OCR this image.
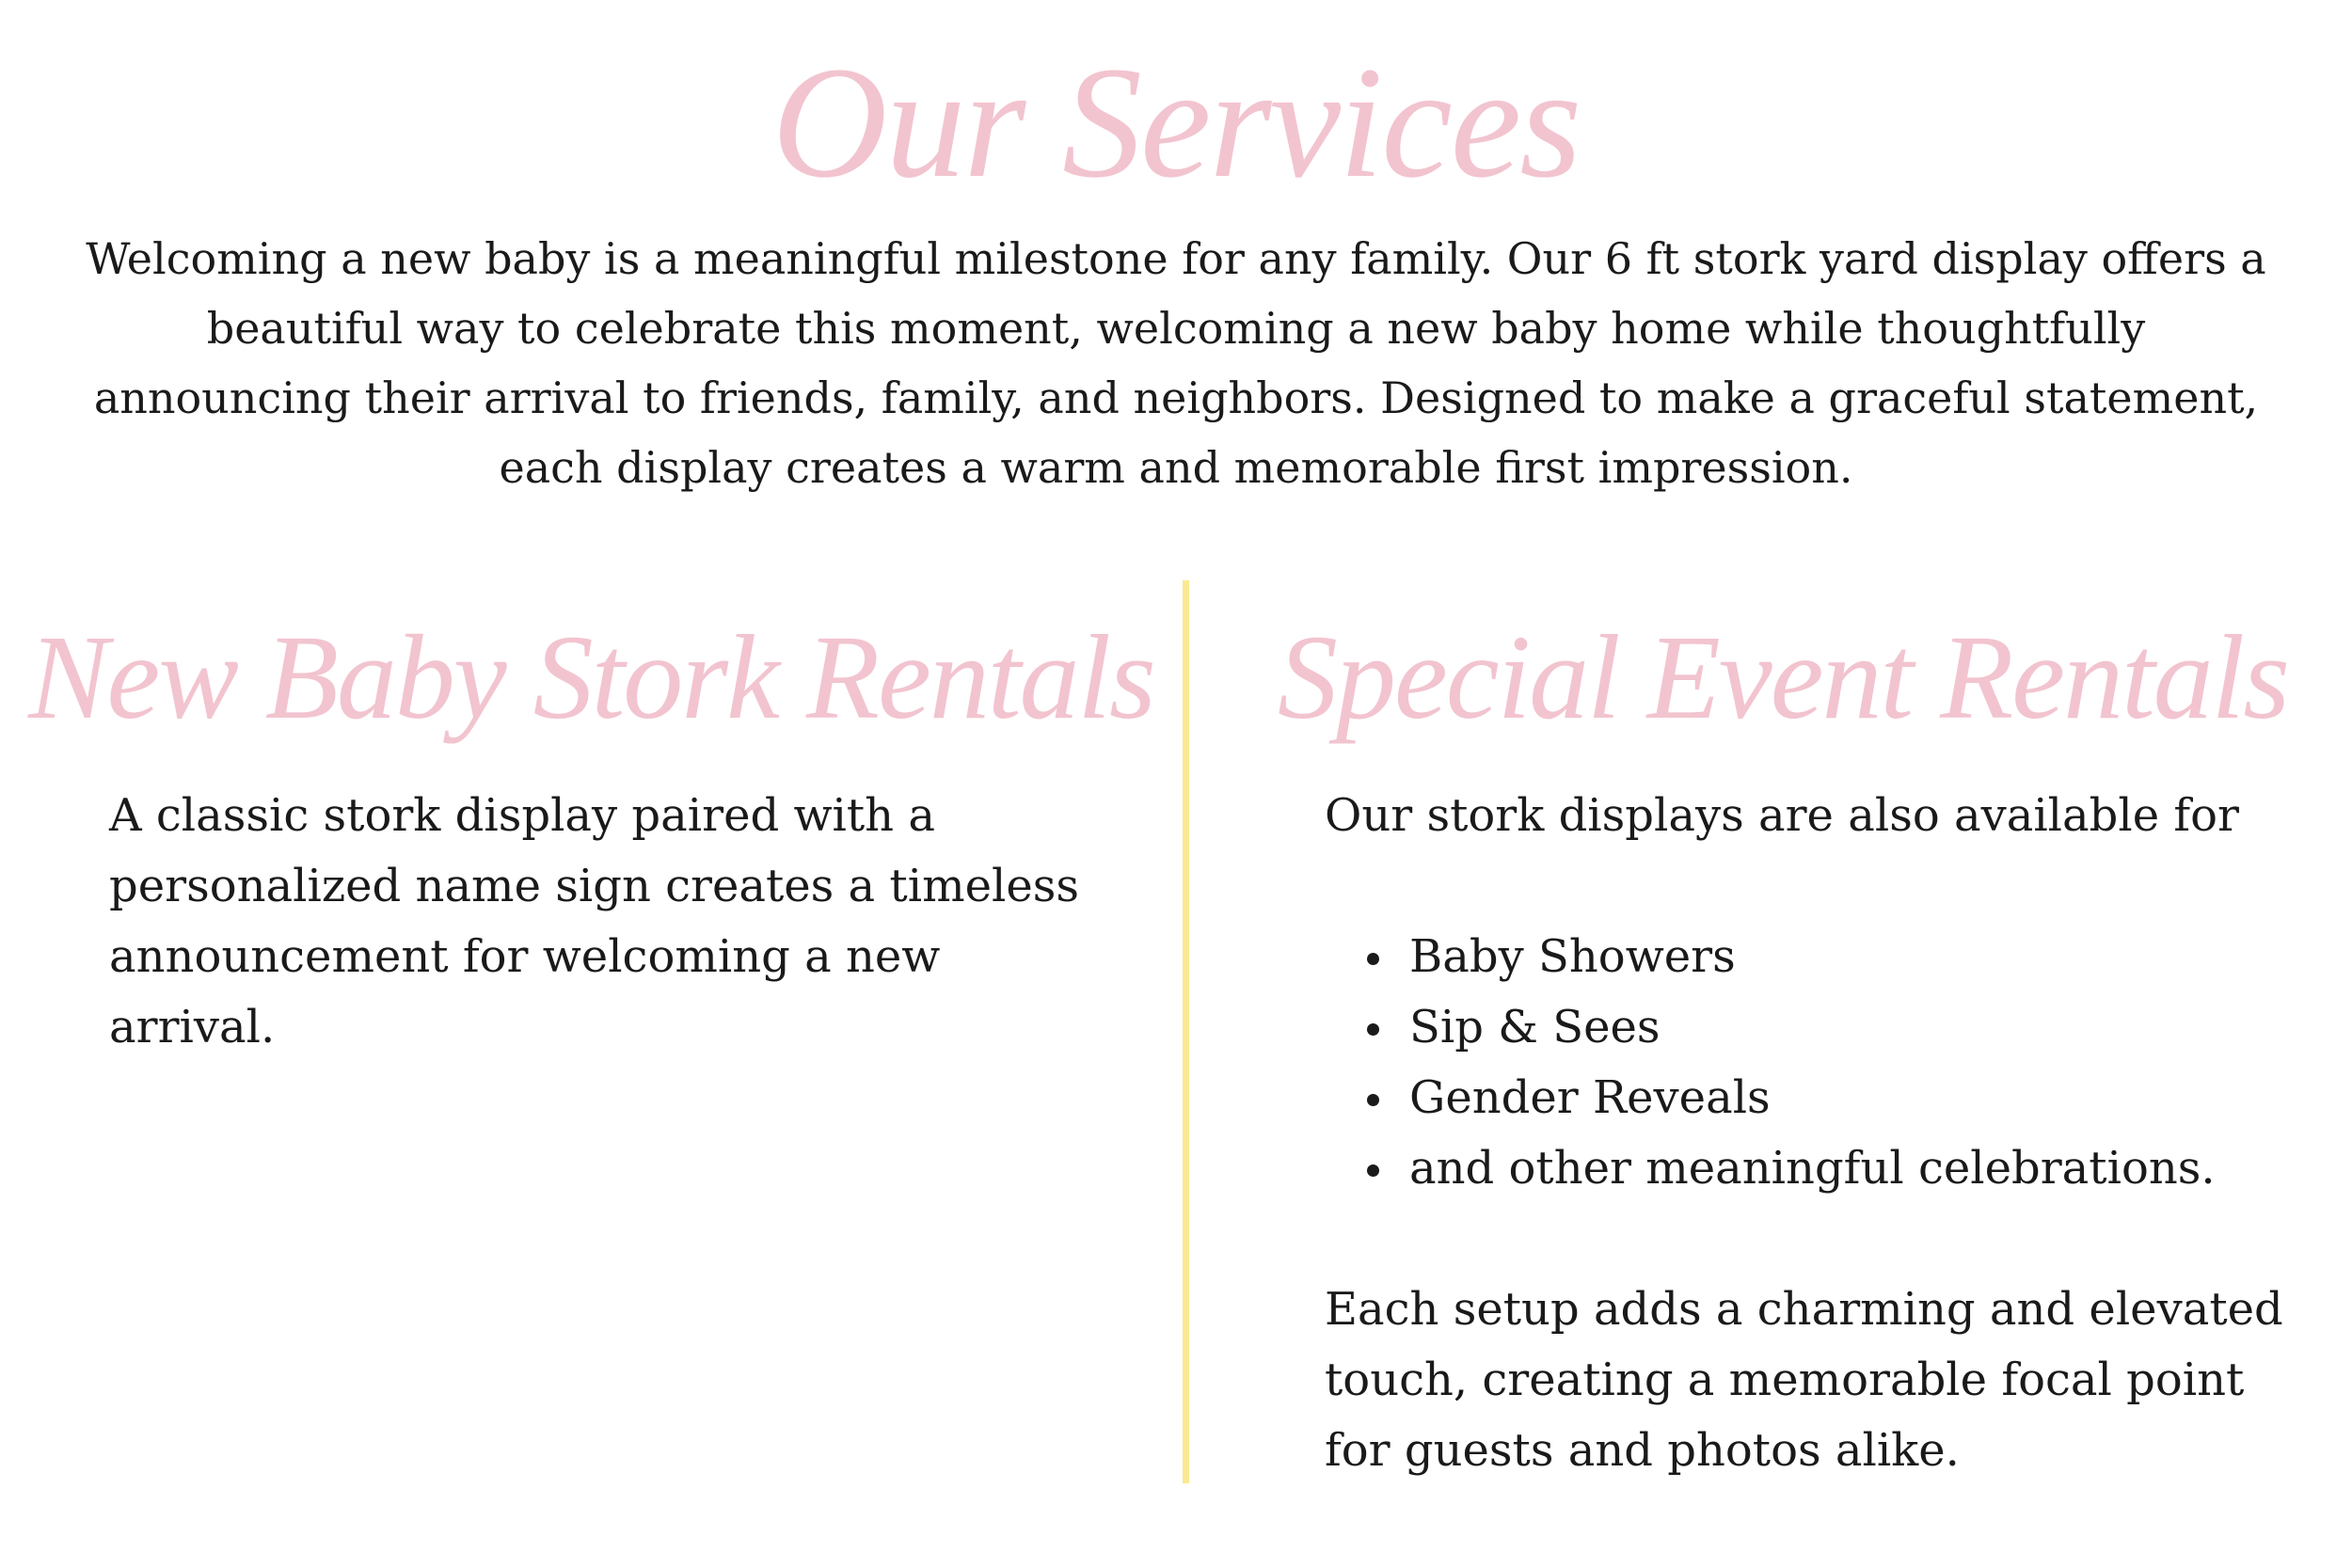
Our Services

Welcoming a new baby is a meaningful milestone for any family. Our 6 ft stork yard display offers a beautiful way to celebrate this moment, welcoming a new baby home while thoughtfully announcing their arrival to friends, family, and neighbors. Designed to make a graceful statement, each display creates a warm and memorable first impression.

New Baby Stork Rentals

A classic stork display paired with a personalized name sign creates a timeless announcement for welcoming a new arrival.

Special Event Rentals

Our stork displays are also available for

Baby Showers
Sip & Sees
Gender Reveals
and other meaningful celebrations.

Each setup adds a charming and elevated touch, creating a memorable focal point for guests and photos alike.
